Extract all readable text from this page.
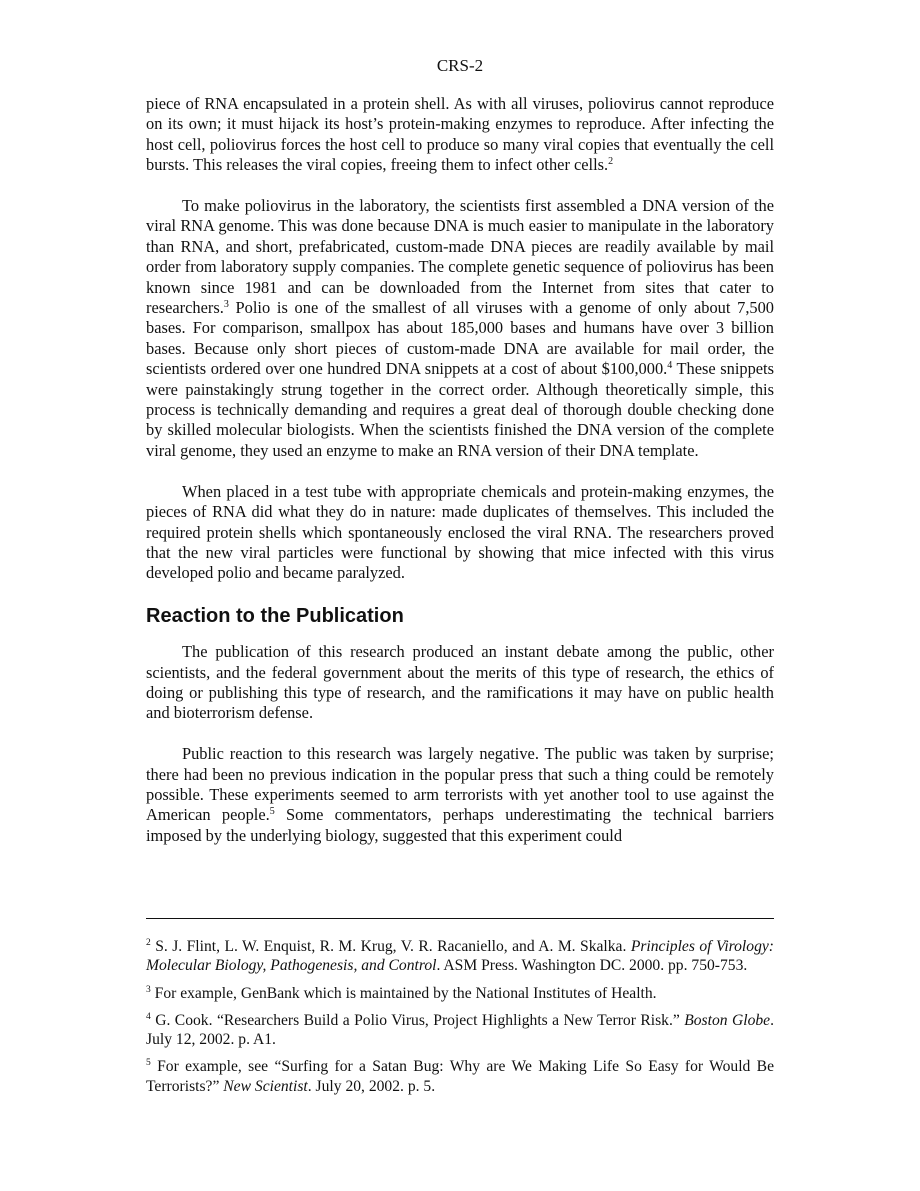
CRS-2

piece of RNA encapsulated in a protein shell. As with all viruses, poliovirus cannot reproduce on its own; it must hijack its host’s protein-making enzymes to reproduce. After infecting the host cell, poliovirus forces the host cell to produce so many viral copies that eventually the cell bursts. This releases the viral copies, freeing them to infect other cells.$^2$

To make poliovirus in the laboratory, the scientists first assembled a DNA version of the viral RNA genome. This was done because DNA is much easier to manipulate in the laboratory than RNA, and short, prefabricated, custom-made DNA pieces are readily available by mail order from laboratory supply companies. The complete genetic sequence of poliovirus has been known since 1981 and can be downloaded from the Internet from sites that cater to researchers.$^3$ Polio is one of the smallest of all viruses with a genome of only about 7,500 bases. For comparison, smallpox has about 185,000 bases and humans have over 3 billion bases. Because only short pieces of custom-made DNA are available for mail order, the scientists ordered over one hundred DNA snippets at a cost of about $100,000.$^4$ These snippets were painstakingly strung together in the correct order. Although theoretically simple, this process is technically demanding and requires a great deal of thorough double checking done by skilled molecular biologists. When the scientists finished the DNA version of the complete viral genome, they used an enzyme to make an RNA version of their DNA template.

When placed in a test tube with appropriate chemicals and protein-making enzymes, the pieces of RNA did what they do in nature: made duplicates of themselves. This included the required protein shells which spontaneously enclosed the viral RNA. The researchers proved that the new viral particles were functional by showing that mice infected with this virus developed polio and became paralyzed.

Reaction to the Publication

The publication of this research produced an instant debate among the public, other scientists, and the federal government about the merits of this type of research, the ethics of doing or publishing this type of research, and the ramifications it may have on public health and bioterrorism defense.

Public reaction to this research was largely negative. The public was taken by surprise; there had been no previous indication in the popular press that such a thing could be remotely possible. These experiments seemed to arm terrorists with yet another tool to use against the American people.$^5$ Some commentators, perhaps underestimating the technical barriers imposed by the underlying biology, suggested that this experiment could

$^2$ S. J. Flint, L. W. Enquist, R. M. Krug, V. R. Racaniello, and A. M. Skalka. Principles of Virology: Molecular Biology, Pathogenesis, and Control. ASM Press. Washington DC. 2000. pp. 750-753.

$^3$ For example, GenBank which is maintained by the National Institutes of Health.

$^4$ G. Cook. “Researchers Build a Polio Virus, Project Highlights a New Terror Risk.” Boston Globe. July 12, 2002. p. A1.

$^5$ For example, see “Surfing for a Satan Bug: Why are We Making Life So Easy for Would Be Terrorists?” New Scientist. July 20, 2002. p. 5.
